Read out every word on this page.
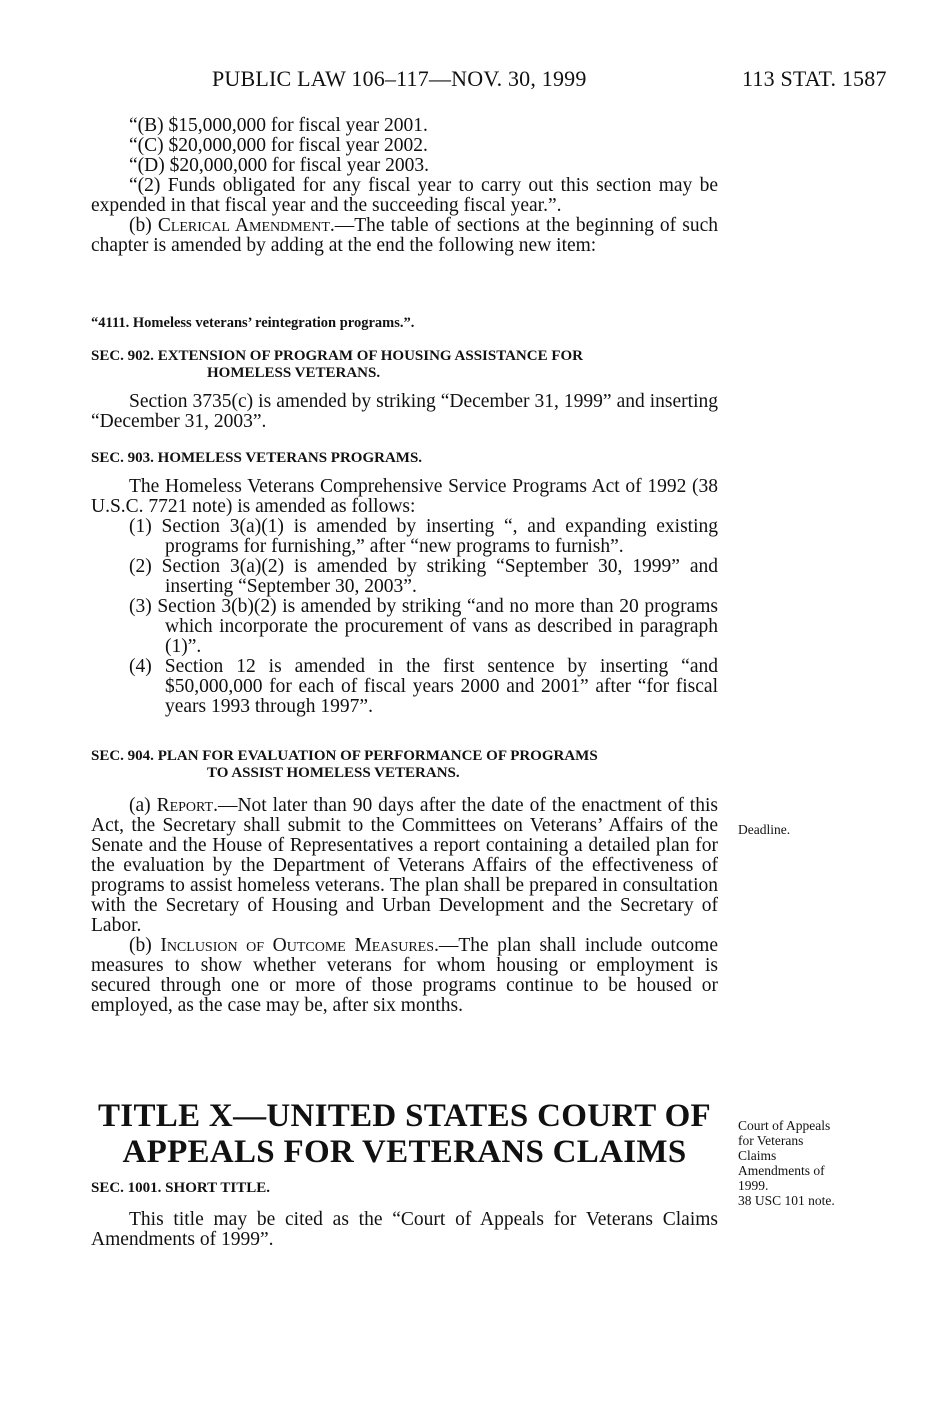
PUBLIC LAW 106–117—NOV. 30, 1999	113 STAT. 1587

“(B) $15,000,000 for fiscal year 2001.

“(C) $20,000,000 for fiscal year 2002.

“(D) $20,000,000 for fiscal year 2003.

“(2) Funds obligated for any fiscal year to carry out this section may be expended in that fiscal year and the succeeding fiscal year.”.

(b) Clerical Amendment.—The table of sections at the beginning of such chapter is amended by adding at the end the following new item:

“4111. Homeless veterans’ reintegration programs.”.

SEC. 902. EXTENSION OF PROGRAM OF HOUSING ASSISTANCE FOR
HOMELESS VETERANS.

Section 3735(c) is amended by striking “December 31, 1999” and inserting “December 31, 2003”.

SEC. 903. HOMELESS VETERANS PROGRAMS.

The Homeless Veterans Comprehensive Service Programs Act of 1992 (38 U.S.C. 7721 note) is amended as follows:

(1) Section 3(a)(1) is amended by inserting “, and expanding existing programs for furnishing,” after “new programs to furnish”.

(2) Section 3(a)(2) is amended by striking “September 30, 1999” and inserting “September 30, 2003”.

(3) Section 3(b)(2) is amended by striking “and no more than 20 programs which incorporate the procurement of vans as described in paragraph (1)”.

(4) Section 12 is amended in the first sentence by inserting “and $50,000,000 for each of fiscal years 2000 and 2001” after “for fiscal years 1993 through 1997”.

SEC. 904. PLAN FOR EVALUATION OF PERFORMANCE OF PROGRAMS
TO ASSIST HOMELESS VETERANS.

(a) Report.—Not later than 90 days after the date of the enactment of this Act, the Secretary shall submit to the Committees on Veterans’ Affairs of the Senate and the House of Representatives a report containing a detailed plan for the evaluation by the Department of Veterans Affairs of the effectiveness of programs to assist homeless veterans. The plan shall be prepared in consultation with the Secretary of Housing and Urban Development and the Secretary of Labor.

(b) Inclusion of Outcome Measures.—The plan shall include outcome measures to show whether veterans for whom housing or employment is secured through one or more of those programs continue to be housed or employed, as the case may be, after six months.

Deadline.
TITLE X—UNITED STATES COURT OF
APPEALS FOR VETERANS CLAIMS
Court of Appeals
for Veterans
Claims
Amendments of
1999.
38 USC 101 note.
SEC. 1001. SHORT TITLE.

This title may be cited as the “Court of Appeals for Veterans Claims Amendments of 1999”.
